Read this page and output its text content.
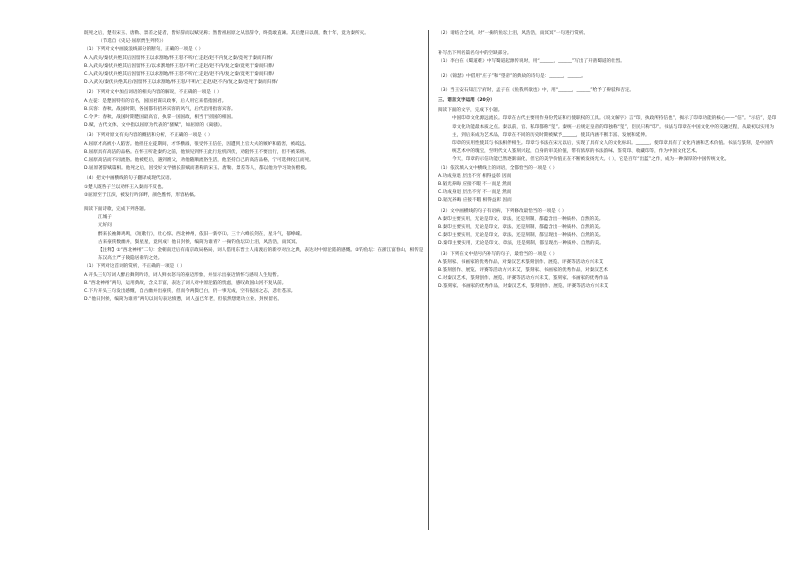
既死之后，楚有宋玉、唐勒、景差之徒者，皆好辞而以赋见称；然皆祖屈原之从容辞令，终莫敢直谏。其后楚日以削，数十年，竟为秦所灭。

（节选自《史记·屈原贾生列传》）

（1）下列对文中画波浪线部分的断句，正确的一项是（ ）

A.入武关/秦伏兵绝其后因留怀王以求割地/怀王怒不听/亡走赵/赵不内复之秦/竟死于秦而归葬/

B.入武关/秦伏兵绝其后因留怀王/以求割地怀王怒/不听亡走赵/赵不内/复之秦/竟死于秦而归葬/

C.入武关/秦伏兵绝其后因留怀王以求割地/怀王怒不听/亡走赵/赵不内/复之秦/竟死于秦而归葬/

D.入武关/秦伏兵绝其后/因留怀王以求割地/怀王怒/不听/亡走赵/赵不内/复之秦/竟死于秦而归葬/

（2）下列对文中加点词语的相关内容的解说，不正确的一项是（ ）

A.左徒：是楚国特有的官名，国国君谋议政事，后人用它来借指国君。

B.宾客：春秋、战国时期，各国都有招养宾客的风气，后代沿用指客宾客。

C.令尹：春秋、战国时期楚国最高官，执掌一国国政，相当于别国的相国。

D.赋，古代文体，文中指以屈原为代表的“骚赋”，如屈原的《离骚》。

（3）下列对原文有关内容的概括和分析，不正确的一项是（ ）

A.屈原才高被小人陷害。他担任左徒期间，才华横溢，很受怀王信任，因遭到上官大夫的嫉妒和陷害，被疏远。

B.屈原具有高洁的品格。在怀王听赴秦约之前，他预见到怀王此行危机四伏，劝阻怀王不要出行，但不被采纳。

C.屈原高洁而不同流俗。他被贬后，遇到渔父，劝他随顺流俗生活，他坚持自己的高洁品格，宁可选择投江而死。

D.屈原著辞赋篇相。他死之后，因受好文学擅长辞赋而著称的宋玉、唐勒、景差等人，都以他为学习效仿楷模。

（4）把文中画横线的句子翻译成现代汉语。

①楚人既咎子兰以劝怀王入秦而不反也。

②屈原至于江滨，被发行吟泽畔，颜色憔悴，形容枯槁。

阅读下面诗歌，完成下列各题。

江城子

元好问

醉来长袖舞鸡鸣，《短歌行》，壮心惊。西北神州，依旧一新亭⑴。三十六峰长剑在，星斗气，郁峥嵘。

古来豪侠数幽并，鬓星星，竟何成！他日封侯，编简为谁青？一掬钓鱼坛⑵上泪，风浩浩，雨冥冥。

【注释】①“西北神州”二句：金朝南迁后有南京政局格局，词人借用东晋士人南渡后的新亭对泣之典，表达对中原沦陷的感慨。②钓鱼坛：在浙江富春山，相传是东汉高士严子陵隐居垂钓之处。

（1）下列对这首词的赏析，不正确的一项是（ ）

A.开头三句写词人醉后舞剑吟诗，词人鲜衣怒马的豪迈形象，并显示出豪迈情怀与感叹人生短暂。

B.“西北神州”两句，运用典故，含义丰富，表达了词人对中原沦陷的忧虑，感叹故国山河不复从前。

C.下片开头三句发出感慨，自古幽并出豪侠，但而今两鬓已白，仍一事无成，空有报国之志，悲壮苍凉。

D.“他日封侯，编简为谁青”两句以问句表达愤懑，词人虽已年老，但依然想建功立业、封侯留名。

（2）请结合全词，对“一掬钓鱼坛上泪，风浩浩，雨冥冥”一句进行赏析。

补写出下列名篇名句中的空缺部分。

（1）李白在《蜀道难》中写蜀道起源传说时，用“______，______”写出了开凿蜀道的壮烈。

（2）《锦瑟》中借用“庄子”和“望帝”的典故的诗句是：______，______。

（3）当王安石知江宁府时，孟子在《鱼我所欲也》中，用“______，______”给予了辩驳和否定。

三、语言文字运用（20分）

阅读下面的文字，完成下小题。

中国印章文化源远流长。印章在古代主要用作身份凭证和行使职权的工具。《说文解字》言“印，执政所持信也”，揭示了印章功能的核心——“信”。“示信”，是印章文化功能最本质之点。秦以前，官、私印都称“玺”。秦统一后规定皇帝的印独称“玺”，臣民只称“印”。书法与印章在中国文化中的交融过程，从最初以实用为主，到后来成为艺术品，印章在不同的历史时期被赋予______，使其内涵不断丰富、发展和延伸。

印章的实用性使其与书法相伴相生。印章与书法在宋元以后，实现了具有文人的文化标识。______，使印章具有了文化内涵和艺术价值。书法与篆刻，是中国传统艺术中的瑰宝，至明代文人篆刻兴起，自身的审美价值，带有浓厚的书法韵味、鉴赏印、收藏印等，作为中国文化艺术。

今天，印章的示信功能已然逐渐弱化，但它的美学价值正在不断被发扬光大。（ ），它是百年“出蓝”之作，成为一种深厚的中国传统文化。

（1）依次填入文中横线上的词语，全都恰当的一项是（ ）

A.功成身退 层出不穷 相得益彰 因而

B.韬光养晦 应接不暇 不一而足 然而

C.功成身退 层出不穷 不一而足 然而

D.韬光养晦 应接不暇 相得益彰 因而

（2）文中画横线的句子有语病，下列修改最恰当的一项是（ ）

A.秦印主要实用，无论是印文、章法，还是刻制，都蕴含出一种质朴、自然的美。

B.秦印主要实用，无论是印文、章法、还是刻制，都蕴含出一种质朴、自然的美。

C.秦印主要实用，无论是印文、章法、还是刻制，都呈现出一种质朴、自然的美。

D.秦印主要实用，无论是印文、章法，还是刻制，都呈现出一种质朴、自然的美。

（3）下列在文中括号内补写的句子，最恰当的一项是（ ）

A.篆刻家、书画家的优秀作品，对秦汉艺术篆刻创作、展览、评赛等活动方兴未艾

B.篆刻创作、展览、评赛等活动方兴未艾，篆刻家、书画家的优秀作品，对秦汉艺术

C.对秦汉艺术，篆刻创作、展览、评赛等活动方兴未艾，篆刻家、书画家的优秀作品

D.篆刻家、书画家的优秀作品，对秦汉艺术，篆刻创作、展览、评赛等活动方兴未艾
